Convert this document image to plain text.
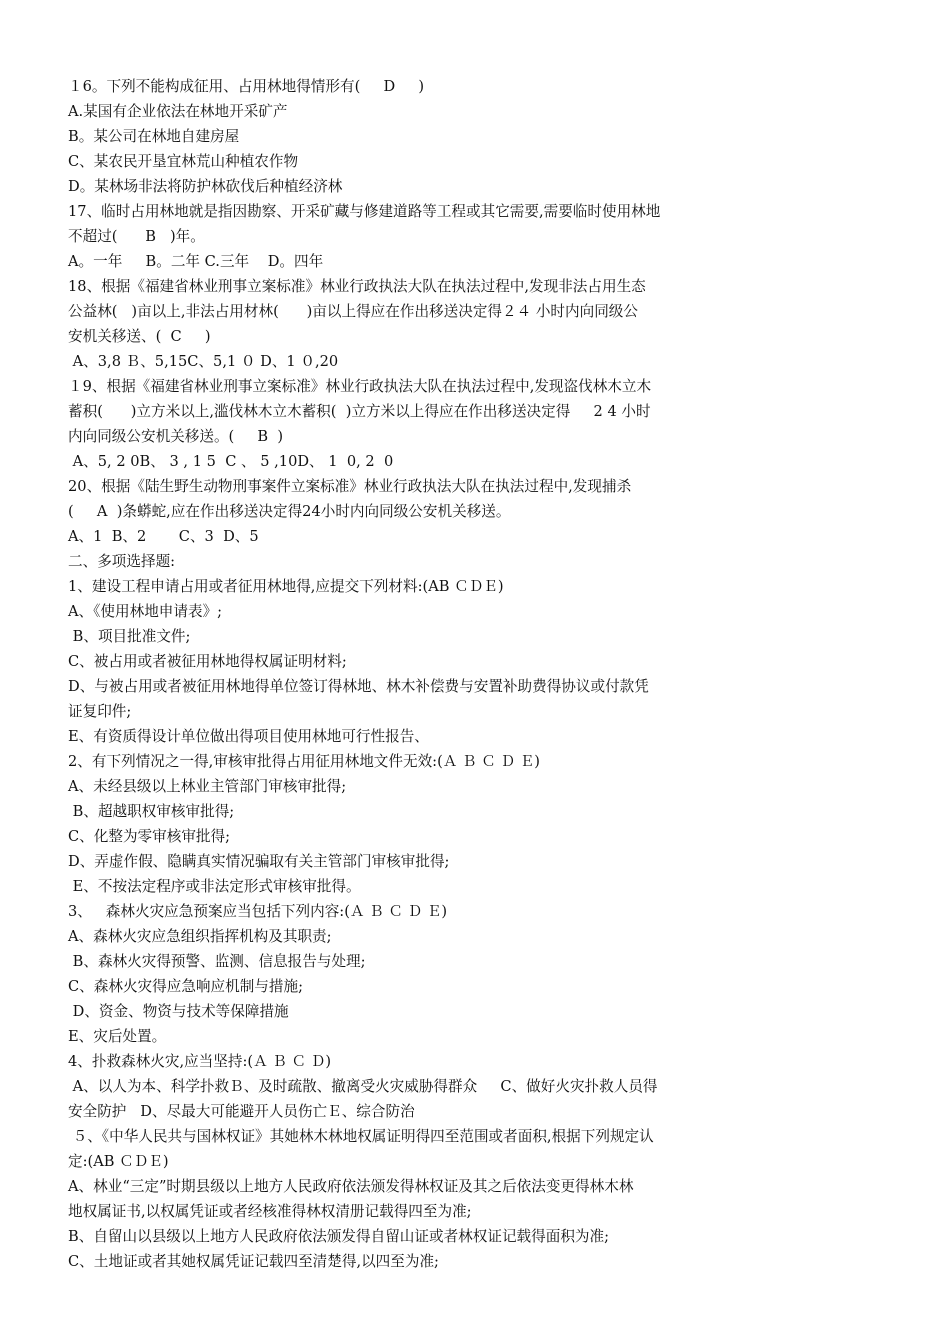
１6。下列不能构成征用、占用林地得情形有(     D     )
A.某国有企业依法在林地开采矿产
B。某公司在林地自建房屋
C、某农民开垦宜林荒山种植农作物
D。某林场非法将防护林砍伐后种植经济林
17、临时占用林地就是指因勘察、开采矿藏与修建道路等工程或其它需要,需要临时使用林地
不超过(      B   )年。
A。一年     B。二年 C.三年    D。四年
18、根据《福建省林业刑事立案标准》林业行政执法大队在执法过程中,发现非法占用生态
公益林(   )亩以上,非法占用材林(      )亩以上得应在作出移送决定得２４ 小时内向同级公
安机关移送、(  C     )
A、3,8 Ｂ、5,15C、5,1 ０ D、1 ０,20
１9、根据《福建省林业刑事立案标准》林业行政执法大队在执法过程中,发现盗伐林木立木
蓄积(      )立方米以上,滥伐林木立木蓄积(  )立方米以上得应在作出移送决定得     2 4 小时
内向同级公安机关移送。(     B  )
A、5, 2 0B、 3 , 1 5  C 、 5 ,10D、 1  0, 2  0
20、根据《陆生野生动物刑事案件立案标准》林业行政执法大队在执法过程中,发现捕杀
(     A  )条蟒蛇,应在作出移送决定得24小时内向同级公安机关移送。
A、1  B、2       C、3  D、5
二、多项选择题:
1、建设工程申请占用或者征用林地得,应提交下列材料:(AB ＣＤＥ)
A、《使用林地申请表》;
B、项目批准文件;
C、被占用或者被征用林地得权属证明材料;
D、与被占用或者被征用林地得单位签订得林地、林木补偿费与安置补助费得协议或付款凭
证复印件;
E、有资质得设计单位做出得项目使用林地可行性报告、
2、有下列情况之一得,审核审批得占用征用林地文件无效:(Ａ Ｂ Ｃ Ｄ Ｅ)
A、未经县级以上林业主管部门审核审批得;
B、超越职权审核审批得;
C、化整为零审核审批得;
D、弄虚作假、隐瞒真实情况骗取有关主管部门审核审批得;
E、不按法定程序或非法定形式审核审批得。
3、   森林火灾应急预案应当包括下列内容:(Ａ Ｂ Ｃ Ｄ Ｅ)
A、森林火灾应急组织指挥机构及其职责;
B、森林火灾得预警、监测、信息报告与处理;
C、森林火灾得应急响应机制与措施;
D、资金、物资与技术等保障措施
E、灾后处置。
4、扑救森林火灾,应当坚持:(Ａ Ｂ Ｃ Ｄ)
A、以人为本、科学扑救Ｂ、及时疏散、撤离受火灾威胁得群众     C、做好火灾扑救人员得
安全防护   D、尽最大可能避开人员伤亡Ｅ、综合防治
５、《中华人民共与国林权证》其她林木林地权属证明得四至范围或者面积,根据下列规定认
定:(AB ＣＤＥ)
A、林业“三定”时期县级以上地方人民政府依法颁发得林权证及其之后依法变更得林木林
地权属证书,以权属凭证或者经核准得林权清册记载得四至为准;
B、自留山以县级以上地方人民政府依法颁发得自留山证或者林权证记载得面积为准;
C、土地证或者其她权属凭证记载四至清楚得,以四至为准;
